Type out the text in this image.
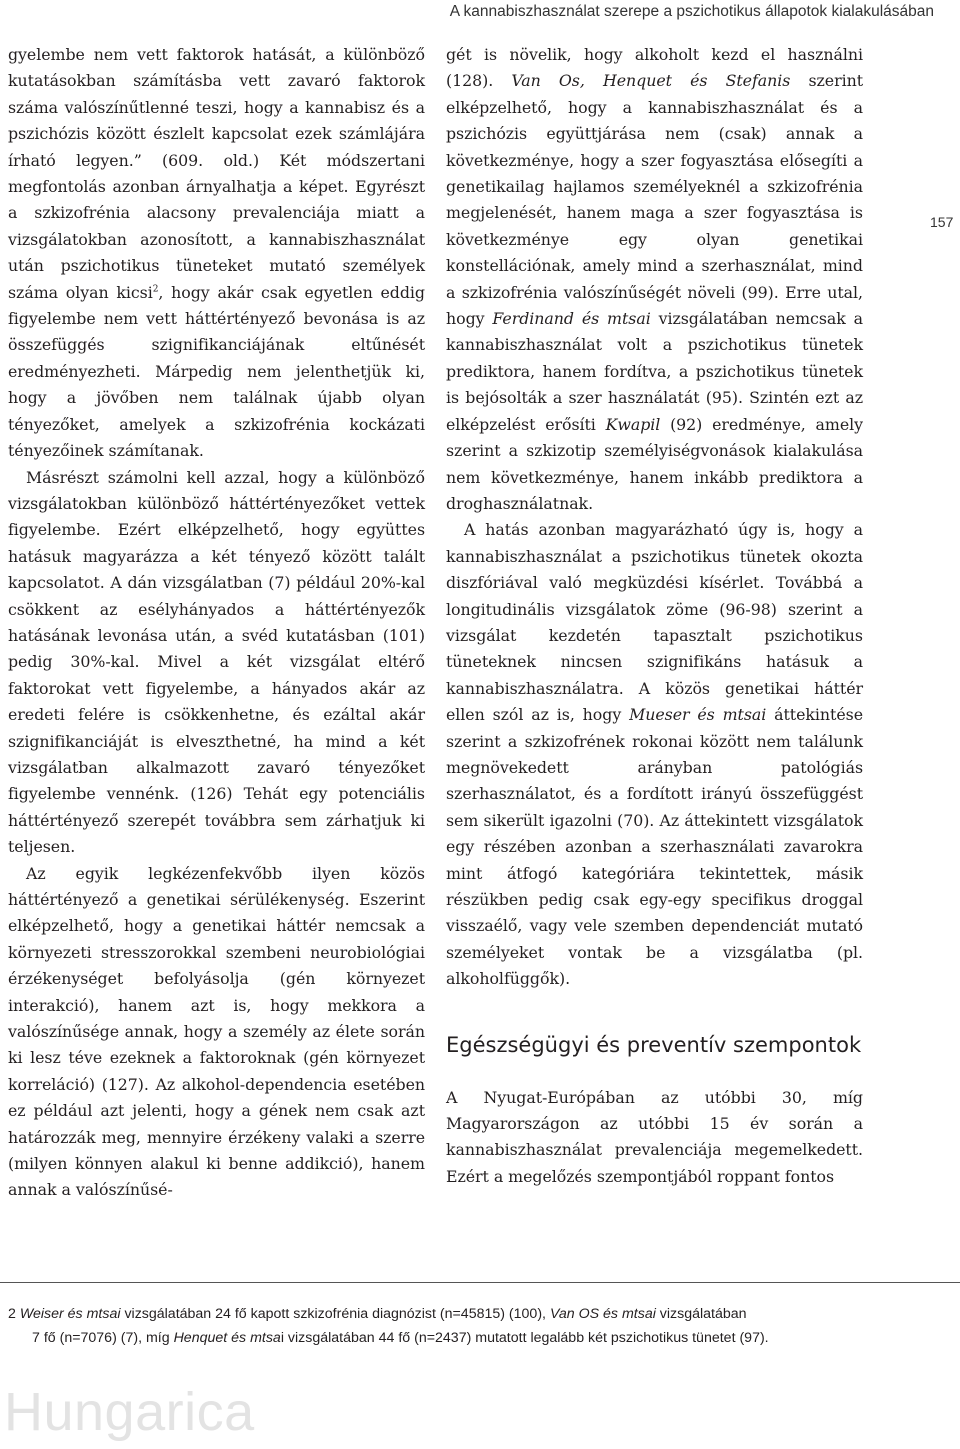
A kannabiszhasználat szerepe a pszichotikus állapotok kialakulásában
157

gyelembe nem vett faktorok hatását, a különböző kutatásokban számításba vett zavaró faktorok száma valószínűtlenné teszi, hogy a kannabisz és a pszichózis között észlelt kapcsolat ezek számlájára írható legyen.” (609. old.) Két módszertani megfontolás azonban árnyalhatja a képet. Egyrészt a szkizofrénia alacsony prevalenciája miatt a vizsgálatokban azonosított, a kannabiszhasználat után pszichotikus tüneteket mutató személyek száma olyan kicsi$^2$, hogy akár csak egyetlen eddig figyelembe nem vett háttértényező bevonása is az összefüggés szignifikanciájának eltűnését eredményezheti. Márpedig nem jelenthetjük ki, hogy a jövőben nem találnak újabb olyan tényezőket, amelyek a szkizofrénia kockázati tényezőinek számítanak.

Másrészt számolni kell azzal, hogy a különböző vizsgálatokban különböző háttértényezőket vettek figyelembe. Ezért elképzelhető, hogy együttes hatásuk magyarázza a két tényező között talált kapcsolatot. A dán vizsgálatban (7) például 20%-kal csökkent az esélyhányados a háttértényezők hatásának levonása után, a svéd kutatásban (101) pedig 30%-kal. Mivel a két vizsgálat eltérő faktorokat vett figyelembe, a hányados akár az eredeti felére is csökkenhetne, és ezáltal akár szignifikanciáját is elveszthetné, ha mind a két vizsgálatban alkalmazott zavaró tényezőket figyelembe vennénk. (126) Tehát egy potenciális háttértényező szerepét továbbra sem zárhatjuk ki teljesen.

Az egyik legkézenfekvőbb ilyen közös háttértényező a genetikai sérülékenység. Eszerint elképzelhető, hogy a genetikai háttér nemcsak a környezeti stresszorokkal szembeni neurobiológiai érzékenységet befolyásolja (gén környezet interakció), hanem azt is, hogy mekkora a valószínűsége annak, hogy a személy az élete során ki lesz téve ezeknek a faktoroknak (gén környezet korreláció) (127). Az alkohol-dependencia esetében ez például azt jelenti, hogy a gének nem csak azt határozzák meg, mennyire érzékeny valaki a szerre (milyen könnyen alakul ki benne addikció), hanem annak a valószínűsé-

gét is növelik, hogy alkoholt kezd el használni (128). Van Os, Henquet és Stefanis szerint elképzelhető, hogy a kannabiszhasználat és a pszichózis együttjárása nem (csak) annak a következménye, hogy a szer fogyasztása elősegíti a genetikailag hajlamos személyeknél a szkizofrénia megjelenését, hanem maga a szer fogyasztása is következménye egy olyan genetikai konstellációnak, amely mind a szerhasználat, mind a szkizofrénia valószínűségét növeli (99). Erre utal, hogy Ferdinand és mtsai vizsgálatában nemcsak a kannabiszhasználat volt a pszichotikus tünetek prediktora, hanem fordítva, a pszichotikus tünetek is bejósolták a szer használatát (95). Szintén ezt az elképzelést erősíti Kwapil (92) eredménye, amely szerint a szkizotip személyiségvonások kialakulása nem következménye, hanem inkább prediktora a droghasználatnak.

A hatás azonban magyarázható úgy is, hogy a kannabiszhasználat a pszichotikus tünetek okozta diszfóriával való megküzdési kísérlet. Továbbá a longitudinális vizsgálatok zöme (96-98) szerint a vizsgálat kezdetén tapasztalt pszichotikus tüneteknek nincsen szignifikáns hatásuk a kannabiszhasználatra. A közös genetikai háttér ellen szól az is, hogy Mueser és mtsai áttekintése szerint a szkizofrének rokonai között nem találunk megnövekedett arányban patológiás szerhasználatot, és a fordított irányú összefüggést sem sikerült igazolni (70). Az áttekintett vizsgálatok egy részében azonban a szerhasználati zavarokra mint átfogó kategóriára tekintettek, másik részükben pedig csak egy-egy specifikus droggal visszaélő, vagy vele szemben dependenciát mutató személyeket vontak be a vizsgálatba (pl. alkoholfüggők).

Egészségügyi és preventív szempontok

A Nyugat-Európában az utóbbi 30, míg Magyarországon az utóbbi 15 év során a kannabiszhasználat prevalenciája megemelkedett. Ezért a megelőzés szempontjából roppant fontos

2 Weiser és mtsai vizsgálatában 24 fő kapott szkizofrénia diagnózist (n=45815) (100), Van OS és mtsai vizsgálatában
7 fő (n=7076) (7), míg Henquet és mtsai vizsgálatában 44 fő (n=2437) mutatott legalább két pszichotikus tünetet (97).
Hungarica
